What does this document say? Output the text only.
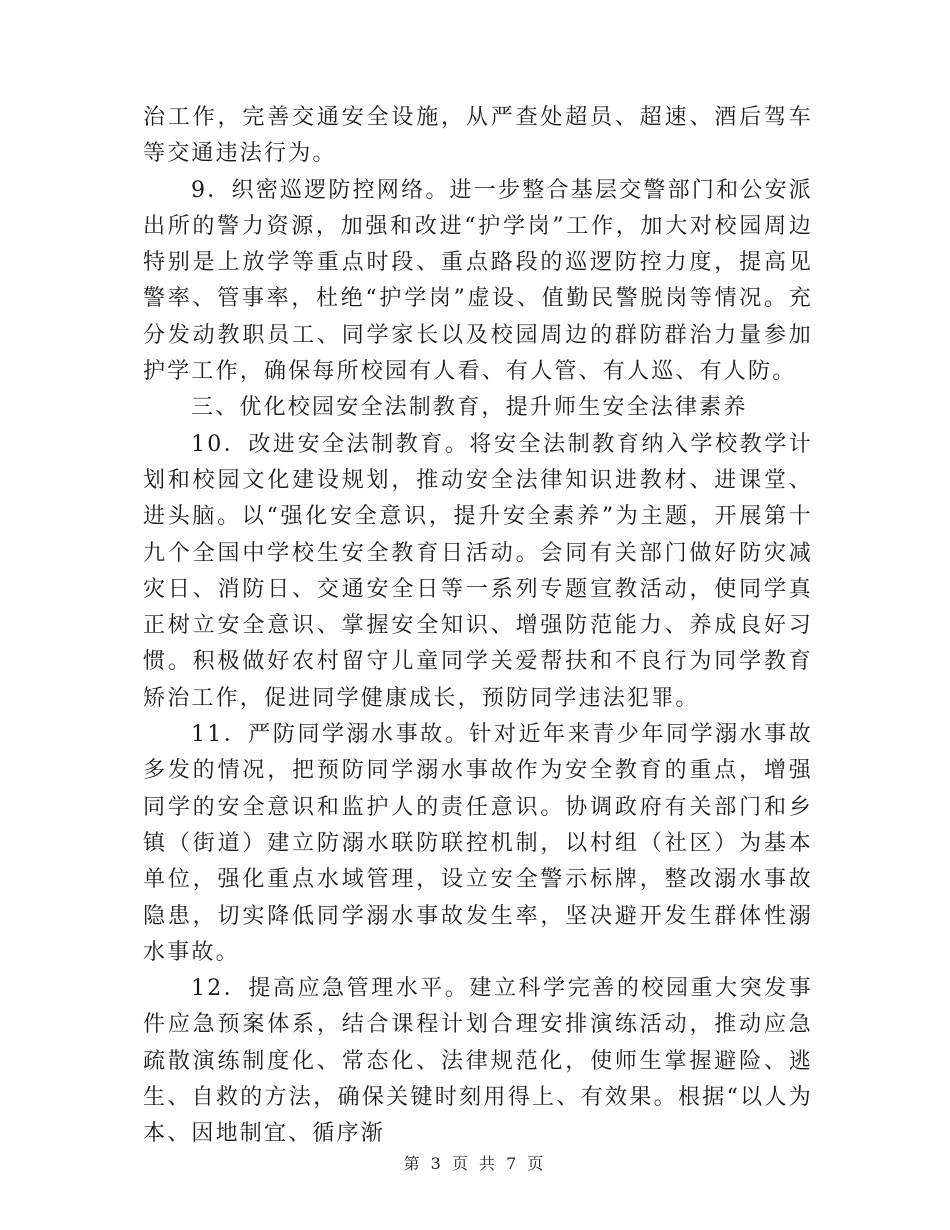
治工作，完善交通安全设施，从严查处超员、超速、酒后驾车等交通违法行为。

9．织密巡逻防控网络。进一步整合基层交警部门和公安派出所的警力资源，加强和改进“护学岗”工作，加大对校园周边特别是上放学等重点时段、重点路段的巡逻防控力度，提高见警率、管事率，杜绝“护学岗”虚设、值勤民警脱岗等情况。充分发动教职员工、同学家长以及校园周边的群防群治力量参加护学工作，确保每所校园有人看、有人管、有人巡、有人防。

三、优化校园安全法制教育，提升师生安全法律素养

10．改进安全法制教育。将安全法制教育纳入学校教学计划和校园文化建设规划，推动安全法律知识进教材、进课堂、进头脑。以“强化安全意识，提升安全素养”为主题，开展第十九个全国中学校生安全教育日活动。会同有关部门做好防灾减灾日、消防日、交通安全日等一系列专题宣教活动，使同学真正树立安全意识、掌握安全知识、增强防范能力、养成良好习惯。积极做好农村留守儿童同学关爱帮扶和不良行为同学教育矫治工作，促进同学健康成长，预防同学违法犯罪。

11．严防同学溺水事故。针对近年来青少年同学溺水事故多发的情况，把预防同学溺水事故作为安全教育的重点，增强同学的安全意识和监护人的责任意识。协调政府有关部门和乡镇（街道）建立防溺水联防联控机制，以村组（社区）为基本单位，强化重点水域管理，设立安全警示标牌，整改溺水事故隐患，切实降低同学溺水事故发生率，坚决避开发生群体性溺水事故。

12．提高应急管理水平。建立科学完善的校园重大突发事件应急预案体系，结合课程计划合理安排演练活动，推动应急疏散演练制度化、常态化、法律规范化，使师生掌握避险、逃生、自救的方法，确保关键时刻用得上、有效果。根据“以人为本、因地制宜、循序渐

第 3 页 共 7 页
